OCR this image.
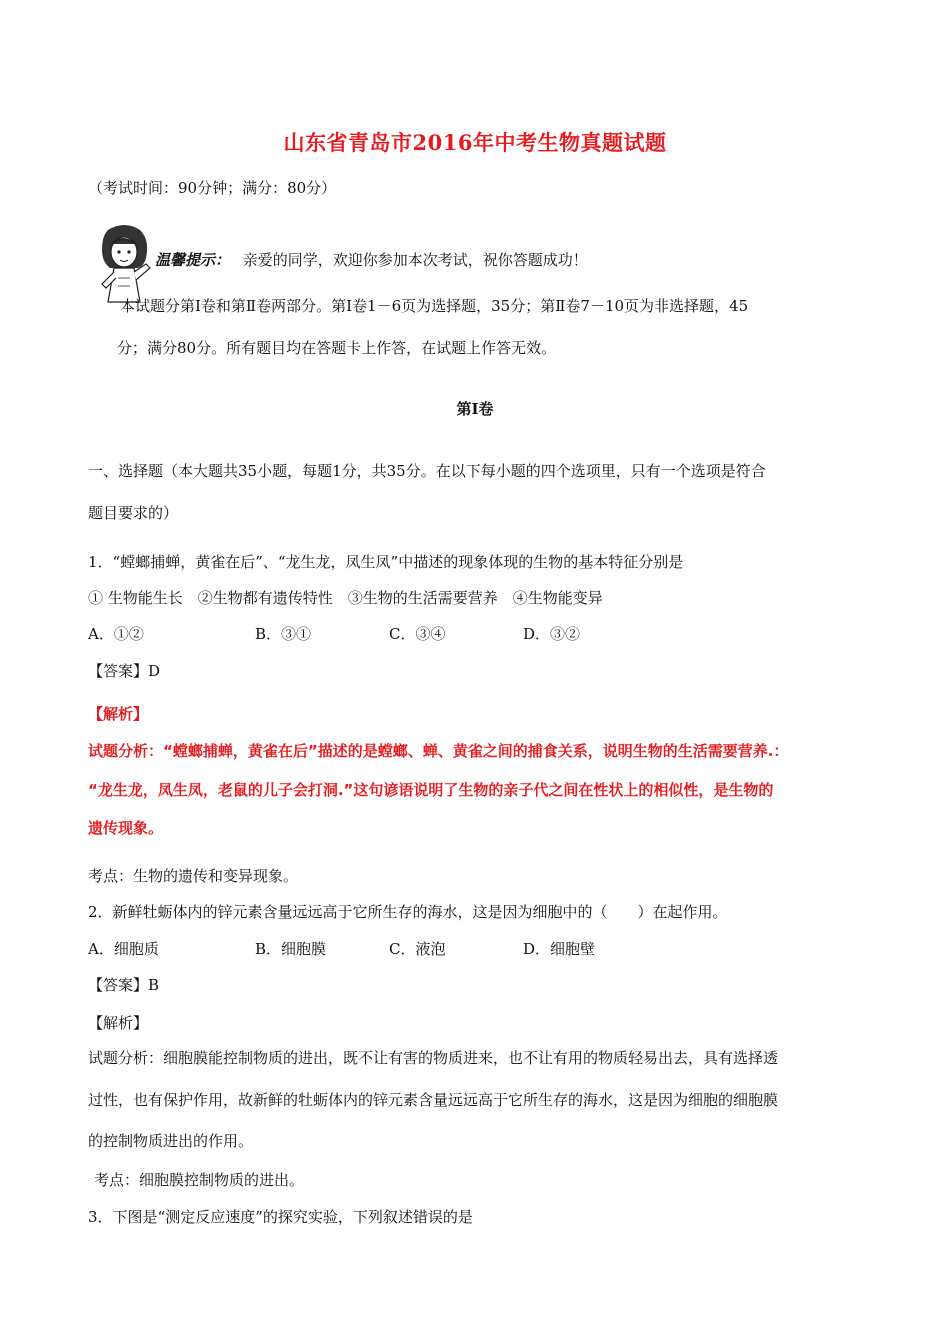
山东省青岛市2016年中考生物真题试题
（考试时间：90分钟；满分：80分）
温馨提示： 亲爱的同学，欢迎你参加本次考试，祝你答题成功！
本试题分第Ⅰ卷和第Ⅱ卷两部分。第Ⅰ卷1－6页为选择题，35分；第Ⅱ卷7－10页为非选择题，45
分；满分80分。所有题目均在答题卡上作答，在试题上作答无效。
第Ⅰ卷
一、选择题（本大题共35小题，每题1分，共35分。在以下每小题的四个选项里，只有一个选项是符合
题目要求的）
1．“螳螂捕蝉，黄雀在后”、“龙生龙，凤生凤”中描述的现象体现的生物的基本特征分别是
① 生物能生长　②生物都有遗传特性　③生物的生活需要营养　④生物能变异
A．①②	B．③①	C．③④	D．③②
【答案】D
【解析】
试题分析：“螳螂捕蝉，黄雀在后”描述的是螳螂、蝉、黄雀之间的捕食关系，说明生物的生活需要营养.：
“龙生龙，凤生凤，老鼠的儿子会打洞.”这句谚语说明了生物的亲子代之间在性状上的相似性，是生物的
遗传现象。
考点：生物的遗传和变异现象。
2．新鲜牡蛎体内的锌元素含量远远高于它所生存的海水，这是因为细胞中的（　　）在起作用。
A．细胞质	B．细胞膜	C．液泡	D．细胞壁
【答案】B
【解析】
试题分析：细胞膜能控制物质的进出，既不让有害的物质进来，也不让有用的物质轻易出去，具有选择透
过性，也有保护作用，故新鲜的牡蛎体内的锌元素含量远远高于它所生存的海水，这是因为细胞的细胞膜
的控制物质进出的作用。
考点：细胞膜控制物质的进出。
3．下图是“测定反应速度”的探究实验，下列叙述错误的是
